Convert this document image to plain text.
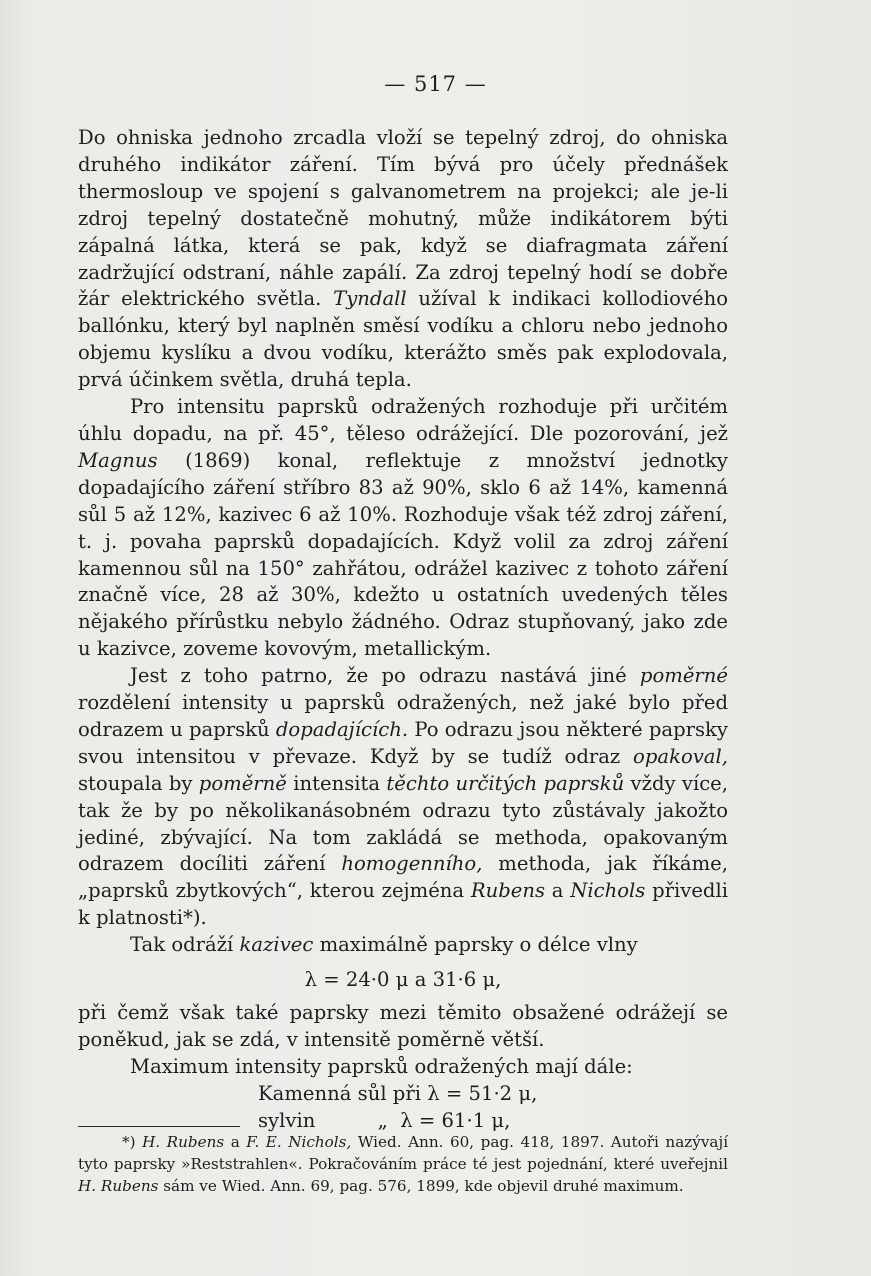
— 517 —

Do ohniska jednoho zrcadla vloží se tepelný zdroj, do ohniska druhého indikátor záření. Tím bývá pro účely přednášek thermosloup ve spojení s galvanometrem na projekci; ale je-li zdroj tepelný dostatečně mohutný, může indikátorem býti zápalná látka, která se pak, když se diafragmata záření zadržující odstraní, náhle zapálí. Za zdroj tepelný hodí se dobře žár elektrického světla. Tyndall užíval k indikaci kollodiového ballónku, který byl naplněn směsí vodíku a chloru nebo jednoho objemu kyslíku a dvou vodíku, kterážto směs pak explodovala, prvá účinkem světla, druhá tepla.

Pro intensitu paprsků odražených rozhoduje při určitém úhlu dopadu, na př. 45°, těleso odrážející. Dle pozorování, jež Magnus (1869) konal, reflektuje z množství jednotky dopadajícího záření stříbro 83 až 90%, sklo 6 až 14%, kamenná sůl 5 až 12%, kazivec 6 až 10%. Rozhoduje však též zdroj záření, t. j. povaha paprsků dopadajících. Když volil za zdroj záření kamennou sůl na 150° zahřátou, odrážel kazivec z tohoto záření značně více, 28 až 30%, kdežto u ostatních uvedených těles nějakého přírůstku nebylo žádného. Odraz stupňovaný, jako zde u kazivce, zoveme kovovým, metallickým.

Jest z toho patrno, že po odrazu nastává jiné poměrné rozdělení intensity u paprsků odražených, než jaké bylo před odrazem u paprsků dopadajících. Po odrazu jsou některé paprsky svou intensitou v převaze. Když by se tudíž odraz opakoval, stoupala by poměrně intensita těchto určitých paprsků vždy více, tak že by po několikanásobném odrazu tyto zůstávaly jakožto jediné, zbývající. Na tom zakládá se methoda, opakovaným odrazem docíliti záření homogenního, methoda, jak říkáme, „paprsků zbytkových“, kterou zejména Rubens a Nichols přivedli k platnosti*).

Tak odráží kazivec maximálně paprsky o délce vlny

λ = 24·0 μ a 31·6 μ,

při čemž však také paprsky mezi těmito obsažené odrážejí se poněkud, jak se zdá, v intensitě poměrně větší.

Maximum intensity paprsků odražených mají dále:

Kamenná sůl při λ = 51·2 μ,
sylvin          „  λ = 61·1 μ,

*) H. Rubens a F. E. Nichols, Wied. Ann. 60, pag. 418, 1897. Autoři nazývají tyto paprsky »Reststrahlen«. Pokračováním práce té jest pojednání, které uveřejnil H. Rubens sám ve Wied. Ann. 69, pag. 576, 1899, kde objevil druhé maximum.
